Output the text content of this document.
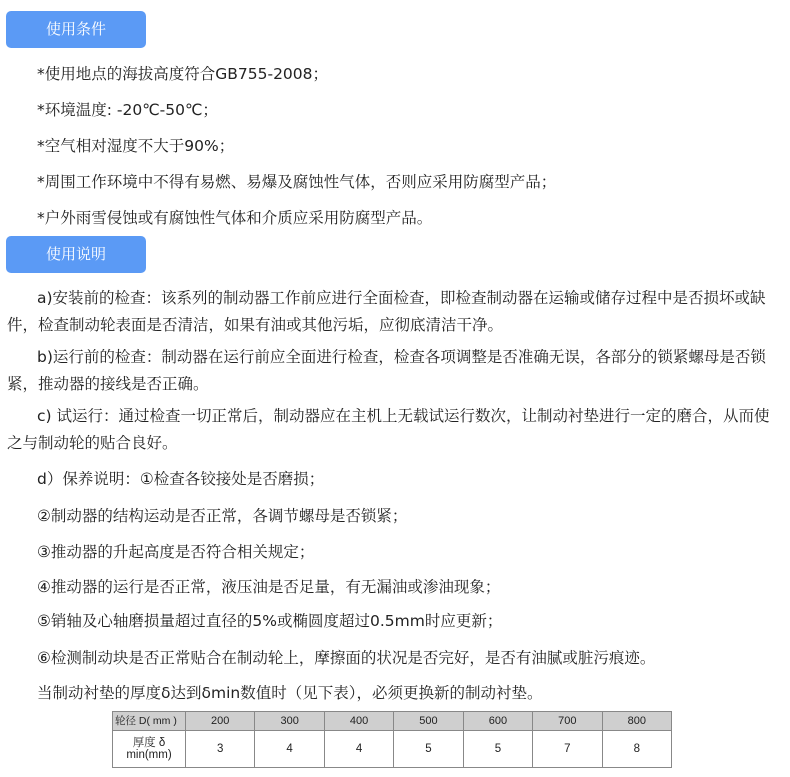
使用条件
*使用地点的海拔高度符合GB755-2008；
*环境温度: -20℃-50℃；
*空气相对湿度不大于90%；
*周围工作环境中不得有易燃、易爆及腐蚀性气体，否则应采用防腐型产品；
*户外雨雪侵蚀或有腐蚀性气体和介质应采用防腐型产品。
使用说明
a)安装前的检查：该系列的制动器工作前应进行全面检查，即检查制动器在运输或储存过程中是否损坏或缺件，检查制动轮表面是否清洁，如果有油或其他污垢，应彻底清洁干净。
b)运行前的检查：制动器在运行前应全面进行检查，检查各项调整是否准确无误，各部分的锁紧螺母是否锁紧，推动器的接线是否正确。
c) 试运行：通过检查一切正常后，制动器应在主机上无载试运行数次，让制动衬垫进行一定的磨合，从而使之与制动轮的贴合良好。
d）保养说明：①检查各铰接处是否磨损；
②制动器的结构运动是否正常，各调节螺母是否锁紧；
③推动器的升起高度是否符合相关规定；
④推动器的运行是否正常，液压油是否足量，有无漏油或渗油现象；
⑤销轴及心轴磨损量超过直径的5%或椭圆度超过0.5mm时应更新；
⑥检测制动块是否正常贴合在制动轮上，摩擦面的状况是否完好，是否有油腻或脏污痕迹。
当制动衬垫的厚度δ达到δmin数值时（见下表），必须更换新的制动衬垫。
轮径 D( mm )	200	300	400	500	600	700	800

厚度 δ
min(mm)	3	4	4	5	5	7	8
